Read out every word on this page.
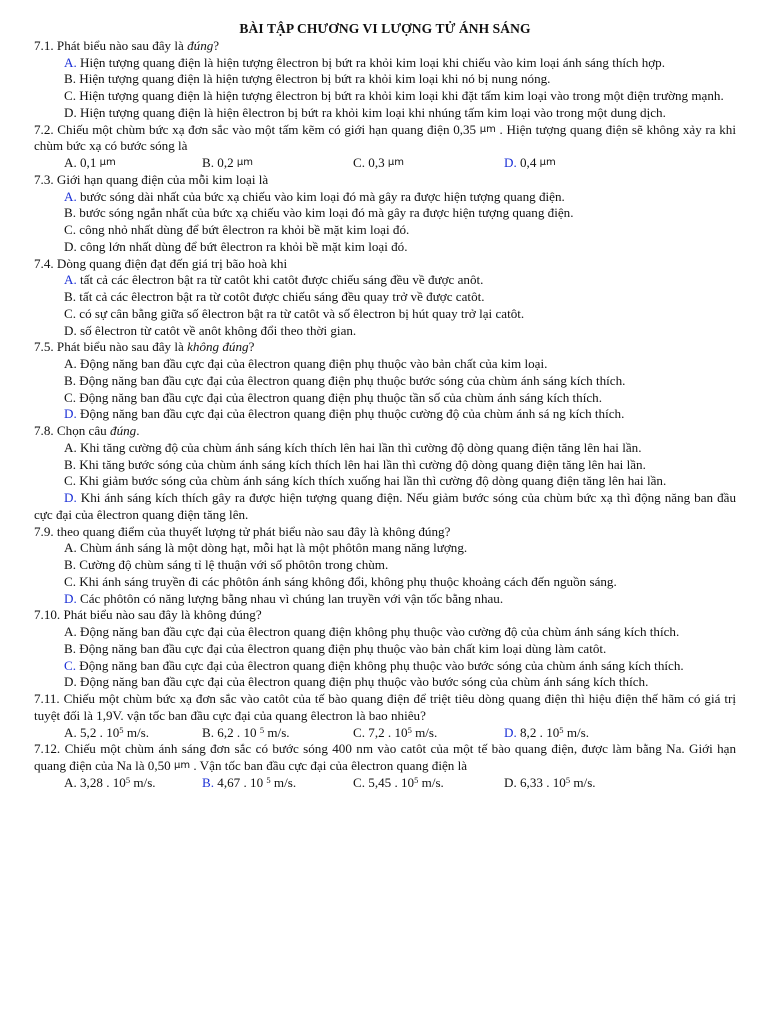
BÀI TẬP CHƯƠNG VI LƯỢNG TỬ ÁNH SÁNG
7.1. Phát biểu nào sau đây là đúng?
A. Hiện tượng quang điện là hiện tượng êlectron bị bứt ra khỏi kim loại khi chiếu vào kim loại ánh sáng thích hợp.
B. Hiện tượng quang điện là hiện tượng êlectron bị bứt ra khỏi kim loại khi nó bị nung nóng.
C. Hiện tượng quang điện là hiện tượng êlectron bị bứt ra khỏi kim loại khi đặt tấm kim loại vào trong một điện trường mạnh.
D. Hiện tượng quang điện là hiện êlectron bị bứt ra khỏi kim loại khi nhúng tấm kim loại vào trong một dung dịch.
7.2. Chiếu một chùm bức xạ đơn sắc vào một tấm kẽm có giới hạn quang điện 0,35 µm . Hiện tượng quang điện sẽ không xảy ra khi chùm bức xạ có bước sóng là
A. 0,1 µm	B. 0,2 µm	C. 0,3 µm	D. 0,4 µm
7.3. Giới hạn quang điện của mỗi kim loại là
A. bước sóng dài nhất của bức xạ chiếu vào kim loại đó mà gây ra được hiện tượng quang điện.
B. bước sóng ngắn nhất của bức xạ chiếu vào kim loại đó mà gây ra được hiện tượng quang điện.
C. công nhỏ nhất dùng để bứt êlectron ra khỏi bề mặt kim loại đó.
D. công lớn nhất dùng để bứt êlectron ra khỏi bề mặt kim loại đó.
7.4. Dòng quang điện đạt đến giá trị bão hoà khi
A. tất cả các êlectron bật ra từ catôt khi catôt được chiếu sáng đều về được anôt.
B. tất cả các êlectron bật ra từ cotôt được chiếu sáng đều quay trở về được catôt.
C. có sự cân bằng giữa số êlectron bật ra từ catôt và số êlectron bị hút quay trở lại catôt.
D. số êlectron từ catôt về anôt không đổi theo thời gian.
7.5. Phát biểu nào sau đây là không đúng?
A. Động năng ban đầu cực đại của êlectron quang điện phụ thuộc vào bản chất của kim loại.
B. Động năng ban đầu cực đại của êlectron quang điện phụ thuộc bước sóng của chùm ánh sáng kích thích.
C. Động năng ban đầu cực đại của êlectron quang điện phụ thuộc tần số của chùm ánh sáng kích thích.
D. Động năng ban đầu cực đại của êlectron quang điện phụ thuộc cường độ của chùm ánh sá ng kích thích.
7.8. Chọn câu đúng.
A. Khi tăng cường độ của chùm ánh sáng kích thích lên hai lần thì cường độ dòng quang điện tăng lên hai lần.
B. Khi tăng bước sóng của chùm ánh sáng kích thích lên hai lần thì cường độ dòng quang điện tăng lên hai lần.
C. Khi giảm bước sóng của chùm ánh sáng kích thích xuống hai lần thì cường độ dòng quang điện tăng lên hai lần.
D. Khi ánh sáng kích thích gây ra được hiện tượng quang điện. Nếu giảm bước sóng của chùm bức xạ thì động năng ban đầu cực đại của êlectron quang điện tăng lên.
7.9. theo quang điểm của thuyết lượng tử phát biểu nào sau đây là không đúng?
A. Chùm ánh sáng là một dòng hạt, mỗi hạt là một phôtôn mang năng lượng.
B. Cường độ chùm sáng tỉ lệ thuận với số phôtôn trong chùm.
C. Khi ánh sáng truyền đi các phôtôn ánh sáng không đổi, không phụ thuộc khoảng cách đến nguồn sáng.
D. Các phôtôn có năng lượng bằng nhau vì chúng lan truyền với vận tốc bằng nhau.
7.10. Phát biểu nào sau đây là không đúng?
A. Động năng ban đầu cực đại của êlectron quang điện không phụ thuộc vào cường độ của chùm ánh sáng kích thích.
B. Động năng ban đầu cực đại của êlectron quang điện phụ thuộc vào bản chất kim loại dùng làm catôt.
C. Động năng ban đầu cực đại của êlectron quang điện không phụ thuộc vào bước sóng của chùm ánh sáng kích thích.
D. Động năng ban đầu cực đại của êlectron quang điện phụ thuộc vào bước sóng của chùm ánh sáng kích thích.
7.11. Chiếu một chùm bức xạ đơn sắc vào catôt của tế bào quang điện để triệt tiêu dòng quang điện thì hiệu điện thế hãm có giá trị tuyệt đối là 1,9V. vận tốc ban đầu cực đại của quang êlectron là bao nhiêu?
A. 5,2 . $10^5$ m/s.	B. 6,2 . 10 $^5$ m/s.	C. 7,2 . $10^5$ m/s.	D. 8,2 . $10^5$ m/s.
7.12. Chiếu một chùm ánh sáng đơn sắc có bước sóng 400 nm vào catôt của một tế bào quang điện, được làm bằng Na. Giới hạn quang điện của Na là 0,50 µm . Vận tốc ban đầu cực đại của êlectron quang điện là
A. 3,28 . $10^5$ m/s.	B. 4,67 . 10 $^5$ m/s.	C. 5,45 . $10^5$ m/s.	D. 6,33 . $10^5$ m/s.
